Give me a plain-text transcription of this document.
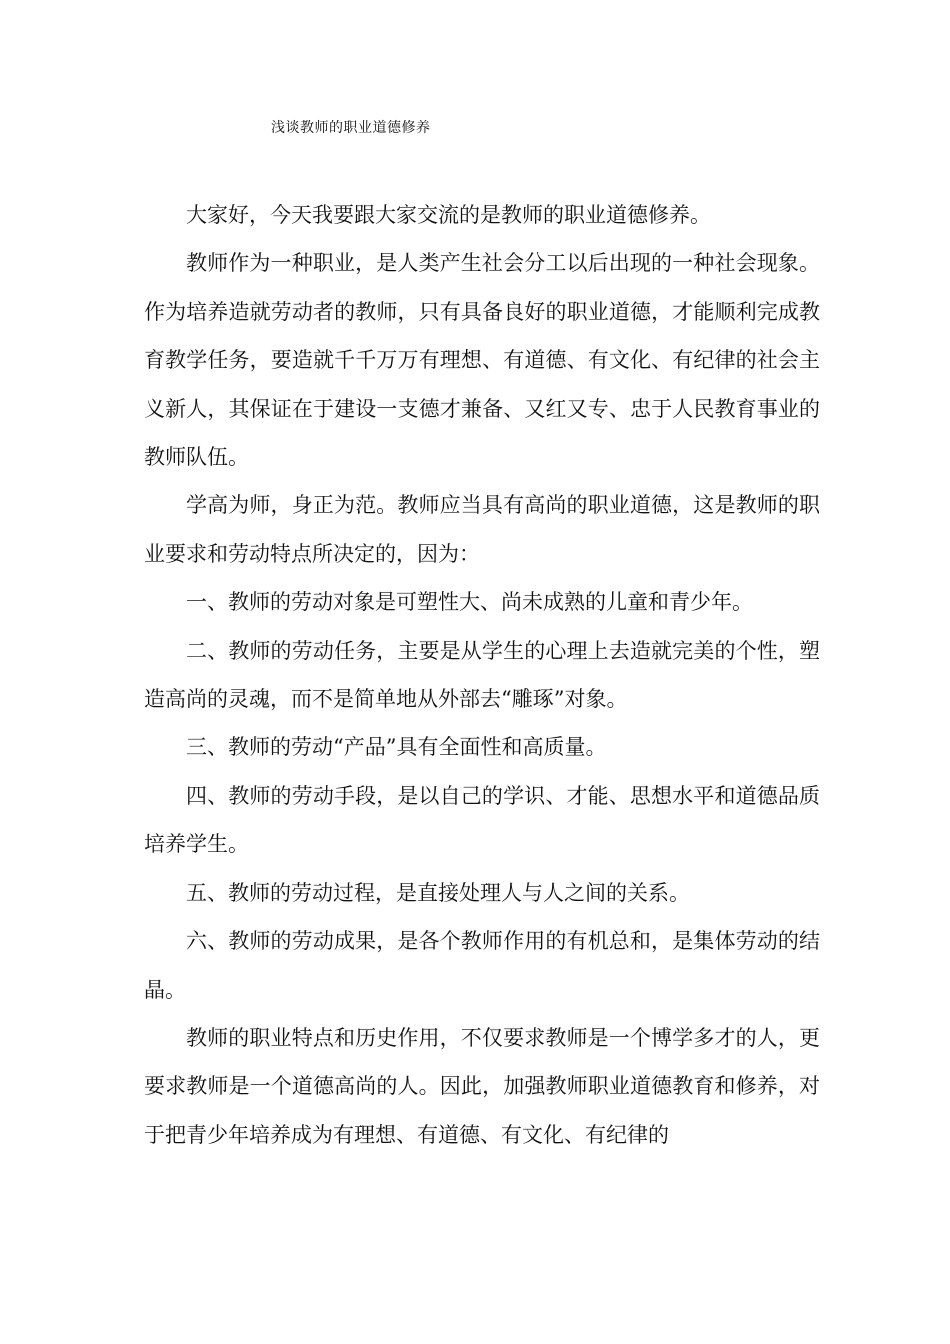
浅谈教师的职业道德修养

大家好，今天我要跟大家交流的是教师的职业道德修养。

教师作为一种职业，是人类产生社会分工以后出现的一种社会现象。作为培养造就劳动者的教师，只有具备良好的职业道德，才能顺利完成教育教学任务，要造就千千万万有理想、有道德、有文化、有纪律的社会主义新人，其保证在于建设一支德才兼备、又红又专、忠于人民教育事业的教师队伍。

学高为师，身正为范。教师应当具有高尚的职业道德，这是教师的职业要求和劳动特点所决定的，因为：

一、教师的劳动对象是可塑性大、尚未成熟的儿童和青少年。

二、教师的劳动任务，主要是从学生的心理上去造就完美的个性，塑造高尚的灵魂，而不是简单地从外部去“雕琢”对象。

三、教师的劳动“产品”具有全面性和高质量。

四、教师的劳动手段，是以自己的学识、才能、思想水平和道德品质培养学生。

五、教师的劳动过程，是直接处理人与人之间的关系。

六、教师的劳动成果，是各个教师作用的有机总和，是集体劳动的结晶。

教师的职业特点和历史作用，不仅要求教师是一个博学多才的人，更要求教师是一个道德高尚的人。因此，加强教师职业道德教育和修养，对于把青少年培养成为有理想、有道德、有文化、有纪律的
